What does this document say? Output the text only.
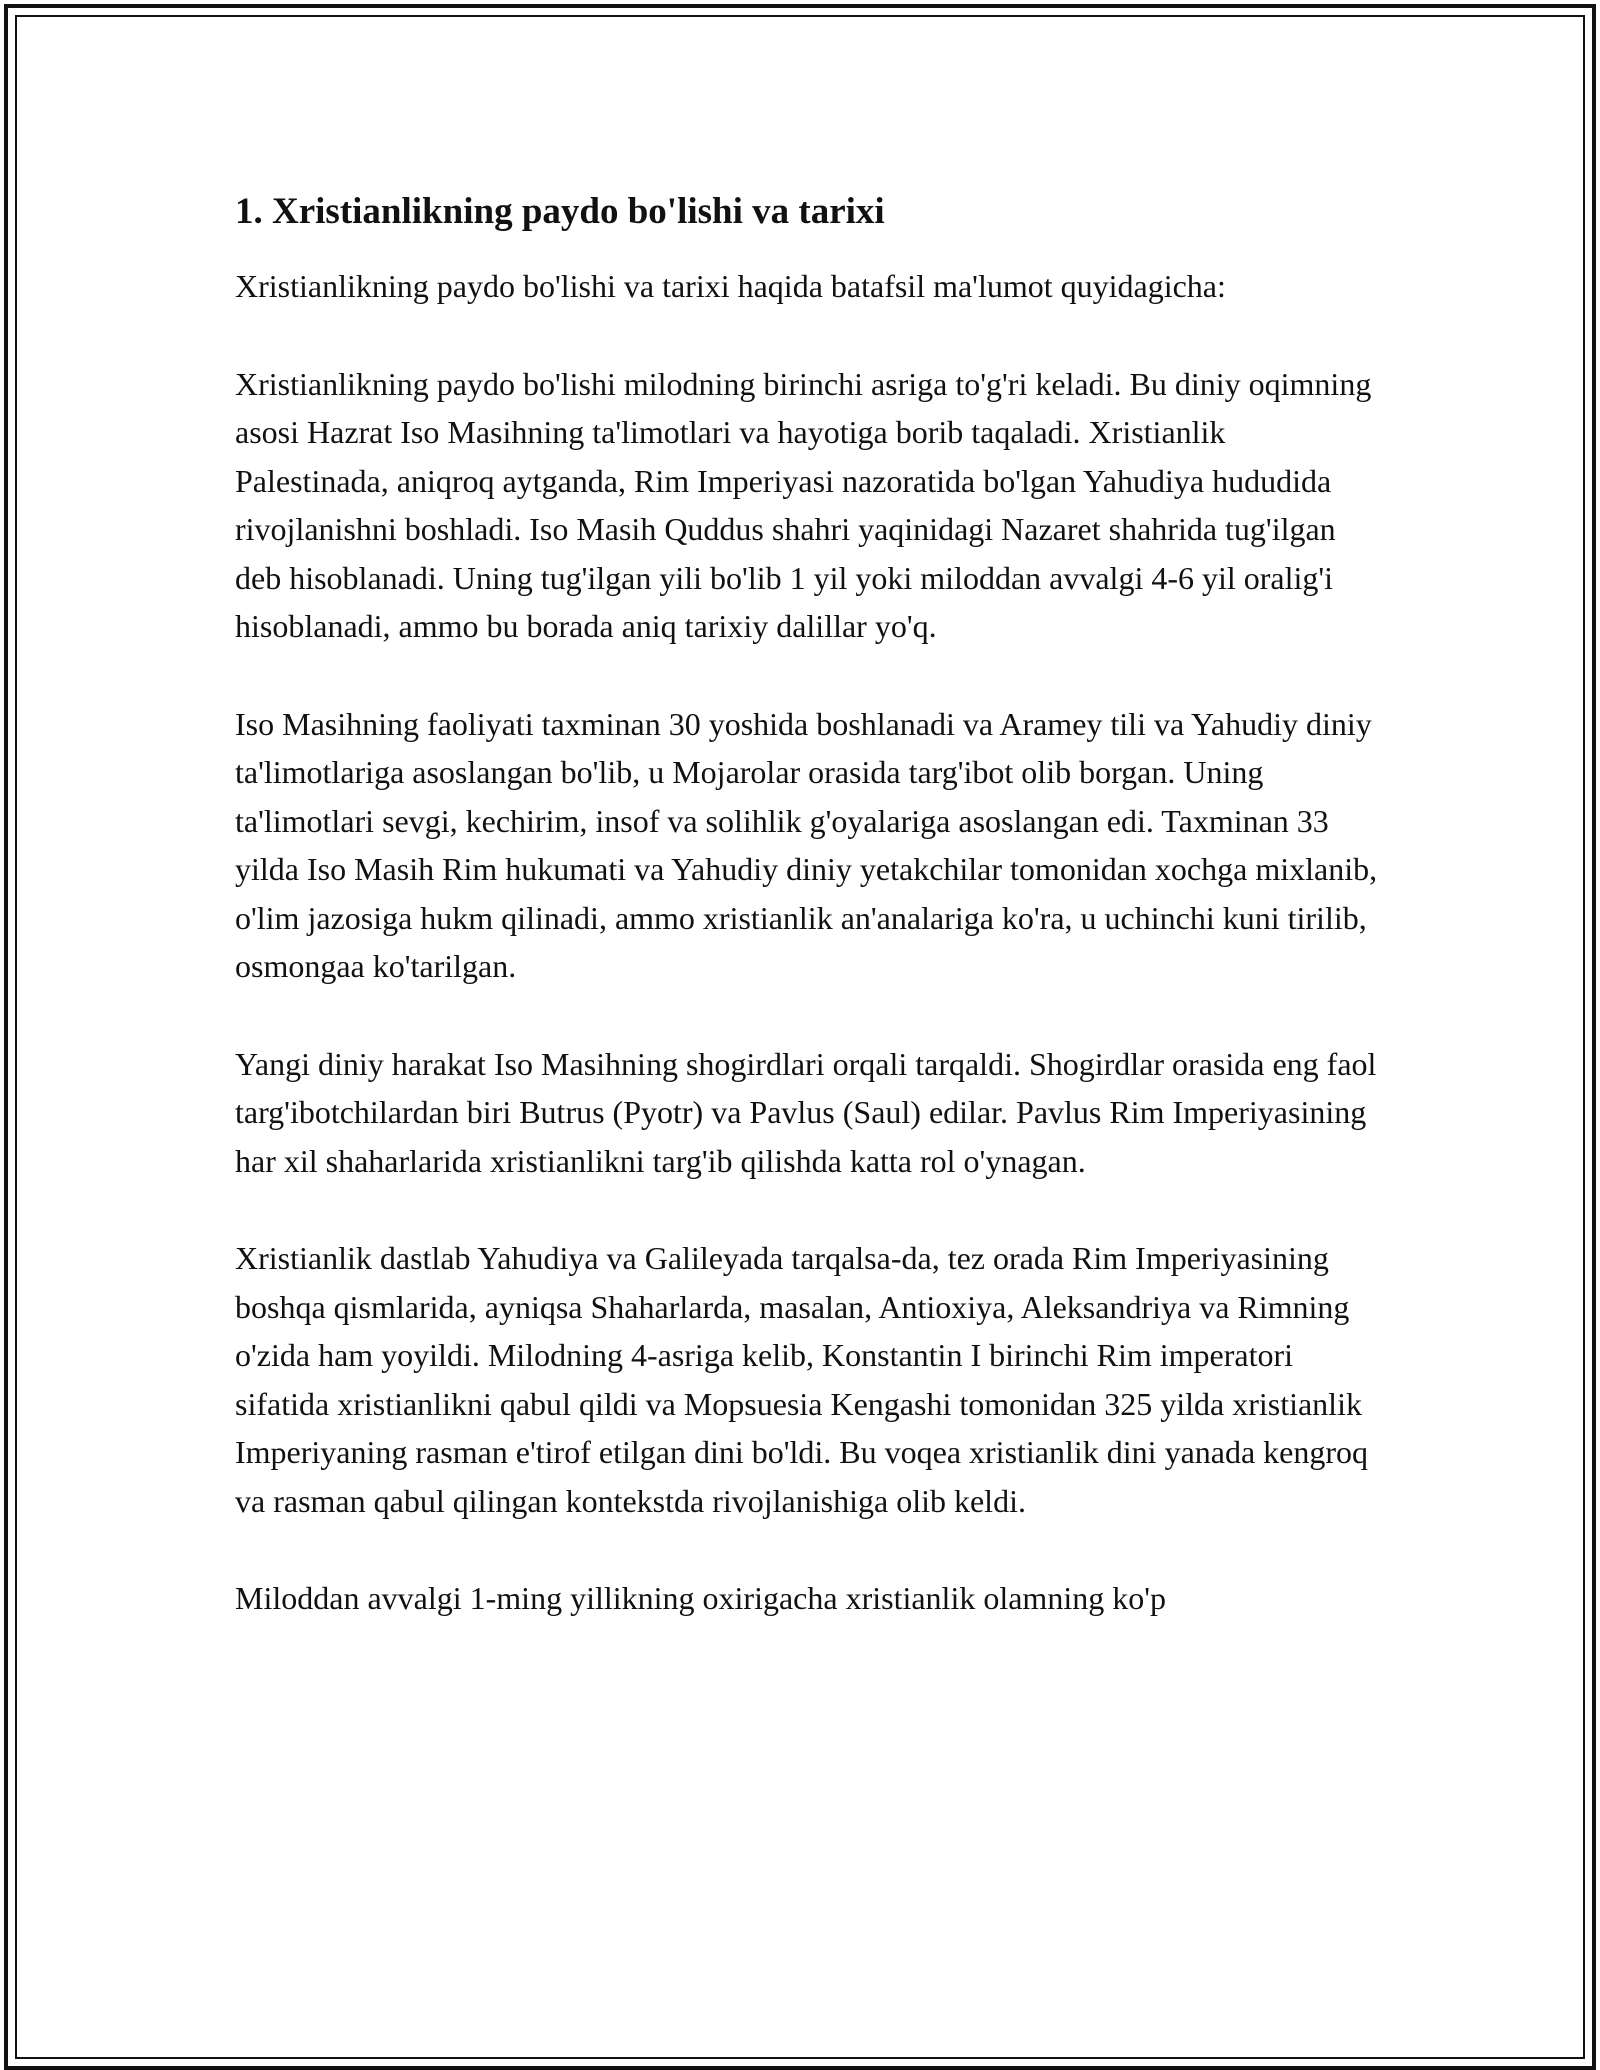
1. Xristianlikning paydo bo'lishi va tarixi

Xristianlikning paydo bo'lishi va tarixi haqida batafsil ma'lumot quyidagicha:

Xristianlikning paydo bo'lishi milodning birinchi asriga to'g'ri keladi. Bu diniy oqimning asosi Hazrat Iso Masihning ta'limotlari va hayotiga borib taqaladi. Xristianlik Palestinada, aniqroq aytganda, Rim Imperiyasi nazoratida bo'lgan Yahudiya hududida rivojlanishni boshladi. Iso Masih Quddus shahri yaqinidagi Nazaret shahrida tug'ilgan deb hisoblanadi. Uning tug'ilgan yili bo'lib 1 yil yoki miloddan avvalgi 4-6 yil oralig'i hisoblanadi, ammo bu borada aniq tarixiy dalillar yo'q.

Iso Masihning faoliyati taxminan 30 yoshida boshlanadi va Aramey tili va Yahudiy diniy ta'limotlariga asoslangan bo'lib, u Mojarolar orasida targ'ibot olib borgan. Uning ta'limotlari sevgi, kechirim, insof va solihlik g'oyalariga asoslangan edi. Taxminan 33 yilda Iso Masih Rim hukumati va Yahudiy diniy yetakchilar tomonidan xochga mixlanib, o'lim jazosiga hukm qilinadi, ammo xristianlik an'analariga ko'ra, u uchinchi kuni tirilib, osmongaa ko'tarilgan.

Yangi diniy harakat Iso Masihning shogirdlari orqali tarqaldi. Shogirdlar orasida eng faol targ'ibotchilardan biri Butrus (Pyotr) va Pavlus (Saul) edilar. Pavlus Rim Imperiyasining har xil shaharlarida xristianlikni targ'ib qilishda katta rol o'ynagan.

Xristianlik dastlab Yahudiya va Galileyada tarqalsa-da, tez orada Rim Imperiyasining boshqa qismlarida, ayniqsa Shaharlarda, masalan, Antioxiya, Aleksandriya va Rimning o'zida ham yoyildi. Milodning 4-asriga kelib, Konstantin I birinchi Rim imperatori sifatida xristianlikni qabul qildi va Mopsuesia Kengashi tomonidan 325 yilda xristianlik Imperiyaning rasman e'tirof etilgan dini bo'ldi. Bu voqea xristianlik dini yanada kengroq va rasman qabul qilingan kontekstda rivojlanishiga olib keldi.

Miloddan avvalgi 1-ming yillikning oxirigacha xristianlik olamning ko'p
